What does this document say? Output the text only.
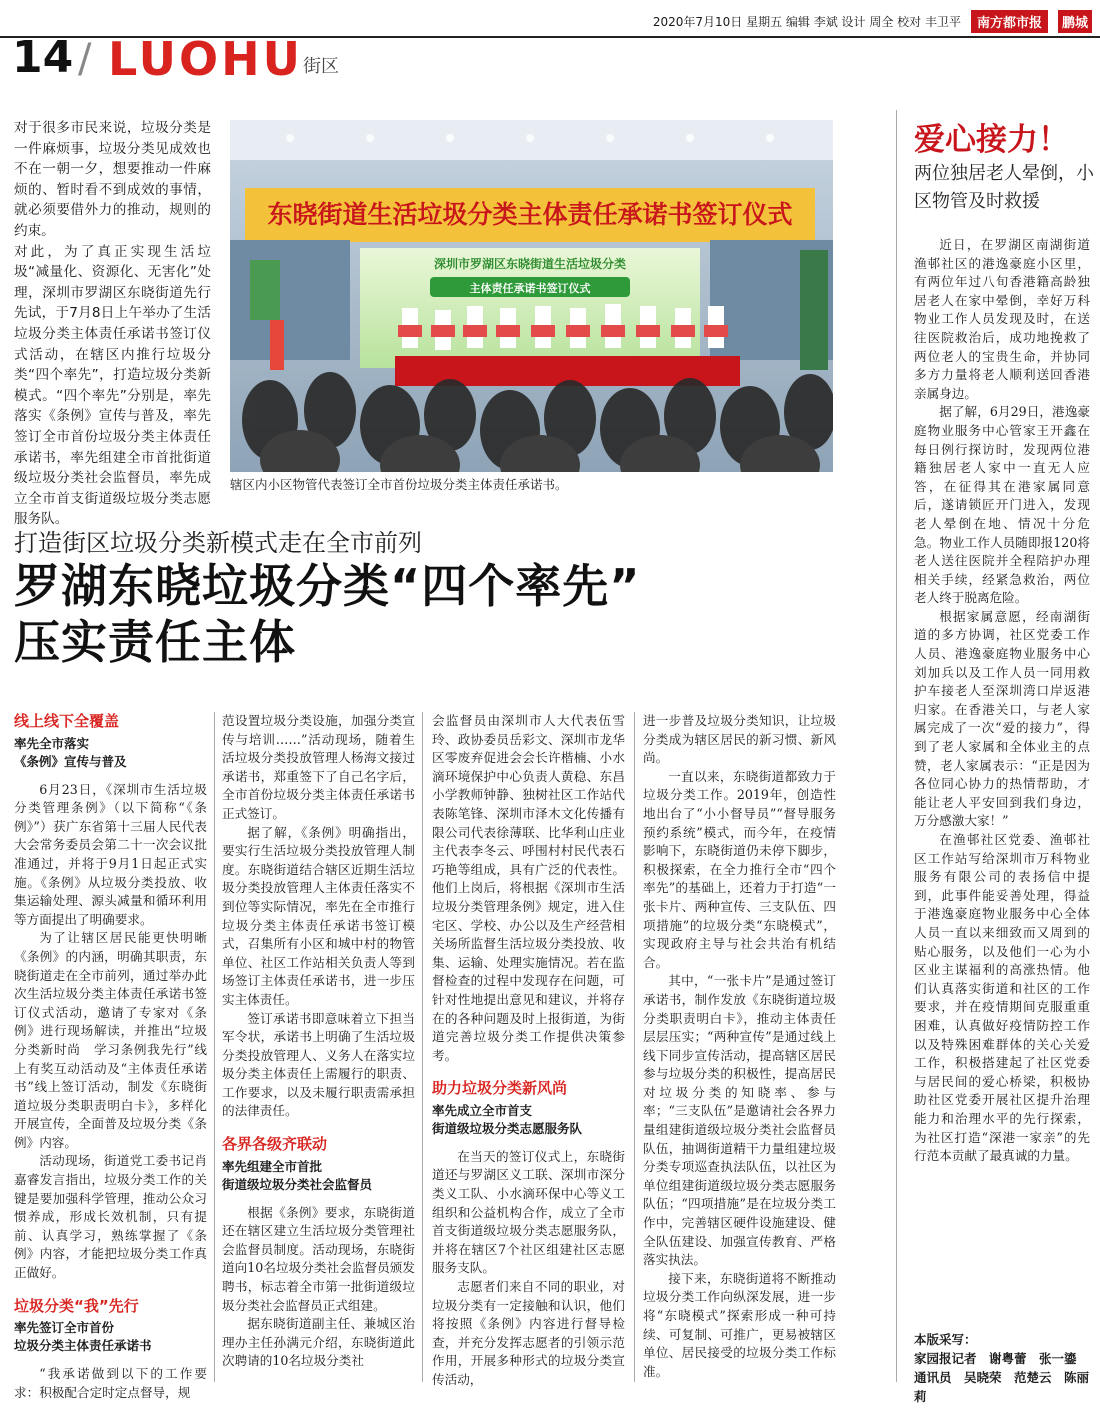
2020年7月10日 星期五 编辑 李斌 设计 周全 校对 丰卫平	南方都市报	鹏城
14 / LUOHU 街区

对于很多市民来说，垃圾分类是一件麻烦事，垃圾分类见成效也不在一朝一夕，想要推动一件麻烦的、暂时看不到成效的事情，就必须要借外力的推动，规则的约束。

对此，为了真正实现生活垃圾“减量化、资源化、无害化”处理，深圳市罗湖区东晓街道先行先试，于7月8日上午举办了生活垃圾分类主体责任承诺书签订仪式活动，在辖区内推行垃圾分类“四个率先”，打造垃圾分类新模式。“四个率先”分别是，率先落实《条例》宣传与普及，率先签订全市首份垃圾分类主体责任承诺书，率先组建全市首批街道级垃圾分类社会监督员，率先成立全市首支街道级垃圾分类志愿服务队。

东晓街道生活垃圾分类主体责任承诺书签订仪式
深圳市罗湖区东晓街道生活垃圾分类
主体责任承诺书签订仪式
辖区内小区物管代表签订全市首份垃圾分类主体责任承诺书。
打造街区垃圾分类新模式走在全市前列
罗湖东晓垃圾分类“四个率先”
压实责任主体
线上线下全覆盖
率先全市落实
《条例》宣传与普及

6月23日，《深圳市生活垃圾分类管理条例》（以下简称“《条例》”）获广东省第十三届人民代表大会常务委员会第二十一次会议批准通过，并将于9月1日起正式实施。《条例》从垃圾分类投放、收集运输处理、源头减量和循环利用等方面提出了明确要求。

为了让辖区居民能更快明晰《条例》的内涵，明确其职责，东晓街道走在全市前列，通过举办此次生活垃圾分类主体责任承诺书签订仪式活动，邀请了专家对《条例》进行现场解读，并推出“垃圾分类新时尚　学习条例我先行”线上有奖互动活动及“主体责任承诺书”线上签订活动，制发《东晓街道垃圾分类职责明白卡》，多样化开展宣传，全面普及垃圾分类《条例》内容。

活动现场，街道党工委书记肖嘉睿发言指出，垃圾分类工作的关键是要加强科学管理，推动公众习惯养成，形成长效机制，只有提前、认真学习，熟练掌握了《条例》内容，才能把垃圾分类工作真正做好。

垃圾分类“我”先行
率先签订全市首份
垃圾分类主体责任承诺书

“我承诺做到以下的工作要求：积极配合定时定点督导，规

范设置垃圾分类设施，加强分类宣传与培训……”活动现场，随着生活垃圾分类投放管理人杨海文接过承诺书，郑重签下了自己名字后，全市首份垃圾分类主体责任承诺书正式签订。

据了解，《条例》明确指出，要实行生活垃圾分类投放管理人制度。东晓街道结合辖区近期生活垃圾分类投放管理人主体责任落实不到位等实际情况，率先在全市推行垃圾分类主体责任承诺书签订模式，召集所有小区和城中村的物管单位、社区工作站相关负责人等到场签订主体责任承诺书，进一步压实主体责任。

签订承诺书即意味着立下担当军令状，承诺书上明确了生活垃圾分类投放管理人、义务人在落实垃圾分类主体责任上需履行的职责、工作要求，以及未履行职责需承担的法律责任。

各界各级齐联动
率先组建全市首批
街道级垃圾分类社会监督员

根据《条例》要求，东晓街道还在辖区建立生活垃圾分类管理社会监督员制度。活动现场，东晓街道向10名垃圾分类社会监督员颁发聘书，标志着全市第一批街道级垃圾分类社会监督员正式组建。

据东晓街道副主任、兼城区治理办主任孙满元介绍，东晓街道此次聘请的10名垃圾分类社

会监督员由深圳市人大代表伍雪玲、政协委员岳彩文、深圳市龙华区零废弃促进会会长许楷楠、小水滴环境保护中心负责人黄稳、东昌小学教师钟静、独树社区工作站代表陈笔锋、深圳市泽木文化传播有限公司代表徐薄联、比华利山庄业主代表李冬云、呼围村村民代表石巧艳等组成，具有广泛的代表性。他们上岗后，将根据《深圳市生活垃圾分类管理条例》规定，进入住宅区、学校、办公以及生产经营相关场所监督生活垃圾分类投放、收集、运输、处理实施情况。若在监督检查的过程中发现存在问题，可针对性地提出意见和建议，并将存在的各种问题及时上报街道，为街道完善垃圾分类工作提供决策参考。

助力垃圾分类新风尚
率先成立全市首支
街道级垃圾分类志愿服务队

在当天的签订仪式上，东晓街道还与罗湖区义工联、深圳市深分类义工队、小水滴环保中心等义工组织和公益机构合作，成立了全市首支街道级垃圾分类志愿服务队，并将在辖区7个社区组建社区志愿服务支队。

志愿者们来自不同的职业，对垃圾分类有一定接触和认识，他们将按照《条例》内容进行督导检查，并充分发挥志愿者的引领示范作用，开展多种形式的垃圾分类宣传活动，

进一步普及垃圾分类知识，让垃圾分类成为辖区居民的新习惯、新风尚。

一直以来，东晓街道都致力于垃圾分类工作。2019年，创造性地出台了“小小督导员”“督导服务预约系统”模式，而今年，在疫情影响下，东晓街道仍未停下脚步，积极探索，在全力推行全市“四个率先”的基础上，还着力于打造“一张卡片、两种宣传、三支队伍、四项措施”的垃圾分类“东晓模式”，实现政府主导与社会共治有机结合。

其中，“一张卡片”是通过签订承诺书，制作发放《东晓街道垃圾分类职责明白卡》，推动主体责任层层压实；“两种宣传”是通过线上线下同步宣传活动，提高辖区居民参与垃圾分类的积极性，提高居民对垃圾分类的知晓率、参与率；“三支队伍”是邀请社会各界力量组建街道级垃圾分类社会监督员队伍，抽调街道精干力量组建垃圾分类专项巡查执法队伍，以社区为单位组建街道级垃圾分类志愿服务队伍；“四项措施”是在垃圾分类工作中，完善辖区硬件设施建设、健全队伍建设、加强宣传教育、严格落实执法。

接下来，东晓街道将不断推动垃圾分类工作向纵深发展，进一步将“东晓模式”探索形成一种可持续、可复制、可推广，更易被辖区单位、居民接受的垃圾分类工作标准。

爱心接力！
两位独居老人晕倒，小区物管及时救援

近日，在罗湖区南湖街道渔邨社区的港逸豪庭小区里，有两位年过八旬香港籍高龄独居老人在家中晕倒，幸好万科物业工作人员发现及时，在送往医院救治后，成功地挽救了两位老人的宝贵生命，并协同多方力量将老人顺利送回香港亲属身边。

据了解，6月29日，港逸豪庭物业服务中心管家王开鑫在每日例行探访时，发现两位港籍独居老人家中一直无人应答，在征得其在港家属同意后，遂请锁匠开门进入，发现老人晕倒在地、情况十分危急。物业工作人员随即报120将老人送往医院并全程陪护办理相关手续，经紧急救治，两位老人终于脱离危险。

根据家属意愿，经南湖街道的多方协调，社区党委工作人员、港逸豪庭物业服务中心刘加兵以及工作人员一同用救护车接老人至深圳湾口岸返港归家。在香港关口，与老人家属完成了一次“爱的接力”，得到了老人家属和全体业主的点赞，老人家属表示：“正是因为各位同心协力的热情帮助，才能让老人平安回到我们身边，万分感激大家！”

在渔邨社区党委、渔邨社区工作站写给深圳市万科物业服务有限公司的表扬信中提到，此事件能妥善处理，得益于港逸豪庭物业服务中心全体人员一直以来细致而又周到的贴心服务，以及他们一心为小区业主谋福利的高涨热情。他们认真落实街道和社区的工作要求，并在疫情期间克服重重困难，认真做好疫情防控工作以及特殊困难群体的关心关爱工作，积极搭建起了社区党委与居民间的爱心桥梁，积极协助社区党委开展社区提升治理能力和治理水平的先行探索，为社区打造“深港一家亲”的先行范本贡献了最真诚的力量。

本版采写：
家园报记者　谢粤蕾　张一鎏
通讯员　吴晓荣　范楚云　陈丽莉
